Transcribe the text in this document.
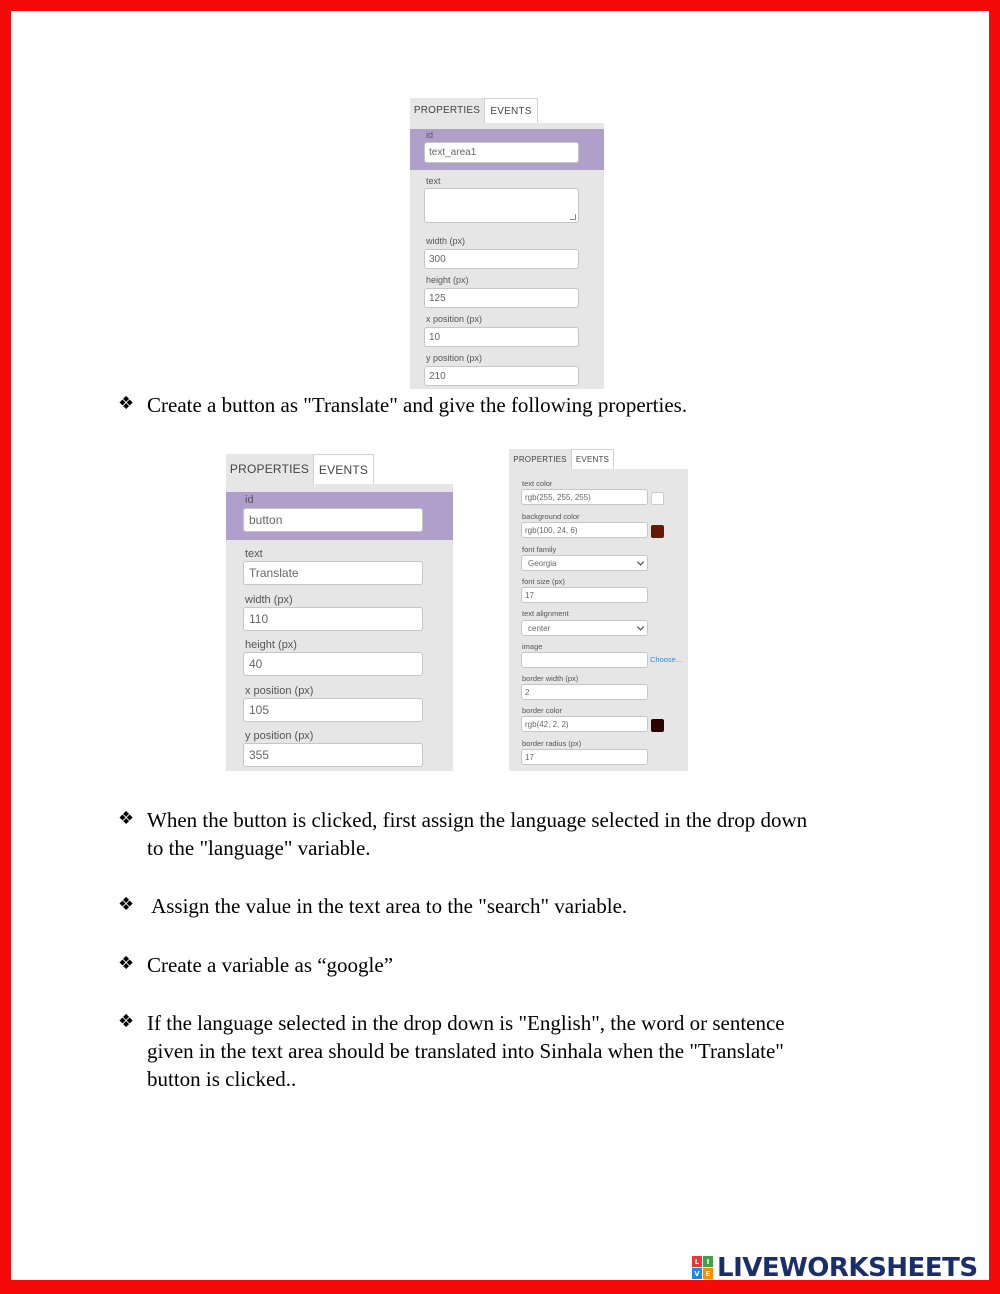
PROPERTIES	EVENTS
id
text_area1
text
width (px)
300
height (px)
125
x position (px)
10
y position (px)
210
❖ Create a button as "Translate" and give the following properties.
PROPERTIES EVENTS
id
button
text
Translate
width (px)
110
height (px)
40
x position (px)
105
y position (px)
355
PROPERTIES	EVENTS
text color
rgb(255, 255, 255)
background color
rgb(100, 24, 6)
font family
Georgia
font size (px)
17
text alignment
center
image
Choose...
border width (px)
2
border color
rgb(42, 2, 2)
border radius (px)
17
❖ When the button is clicked, first assign the language selected in the drop down
to the "language" variable.
❖ Assign the value in the text area to the "search" variable.
❖ Create a variable as “google”
❖ If the language selected in the drop down is "English", the word or sentence
given in the text area should be translated into Sinhala when the "Translate"
button is clicked..
L	I
V E LIVEWORKSHEETS
